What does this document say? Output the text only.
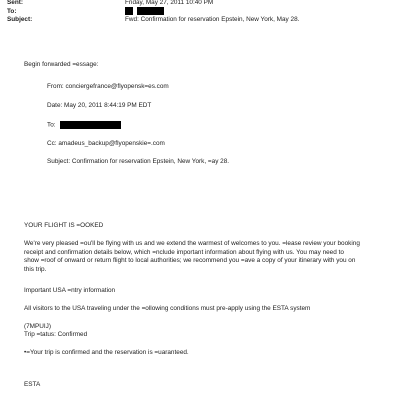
Sent:	Friday, May 27, 2011 10:40 PM
To:

Subject:	Fwd: Confirmation for reservation Epstein, New York, May 28.
Begin forwarded =essage:
From: conciergefrance@flyopensk=es.com
Date: May 20, 2011 8:44:19 PM EDT
To:
Cc: amadeus_backup@flyopenskie=.com
Subject: Confirmation for reservation Epstein, New York, =ay 28.
YOUR FLIGHT IS =OOKED
We're very pleased =ou'll be flying with us and we extend the warmest of welcomes to you. =lease review your booking
receipt and confirmation details below, which =nclude important information about flying with us. You may need to
show =roof of onward or return flight to local authorities; we recommend you =ave a copy of your itinerary with you on
this trip.
Important USA =ntry information
All visitors to the USA traveling under the =ollowing conditions must pre-apply using the ESTA system
(7MPUIJ)
Trip =tatus: Confirmed
•=Your trip is confirmed and the reservation is =uaranteed.
ESTA
